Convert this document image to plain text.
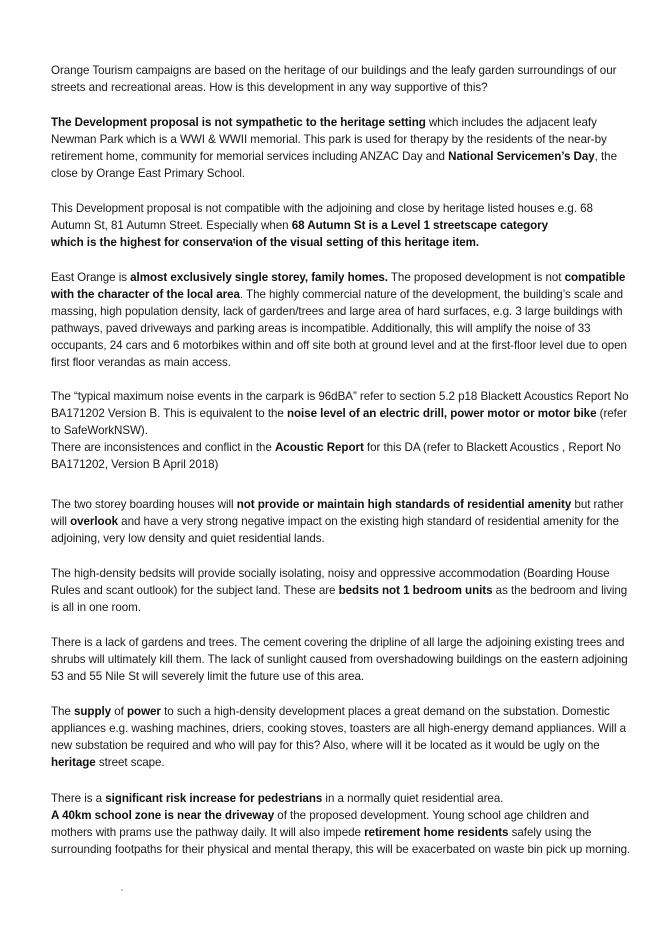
Orange Tourism campaigns are based on the heritage of our buildings and the leafy garden surroundings of our streets and recreational areas. How is this development in any way supportive of this?

The Development proposal is not sympathetic to the heritage setting which includes the adjacent leafy Newman Park which is a WWI & WWII memorial. This park is used for therapy by the residents of the near-by retirement home, community for memorial services including ANZAC Day and National Servicemen’s Day, the close by Orange East Primary School.

This Development proposal is not compatible with the adjoining and close by heritage listed houses e.g. 68 Autumn St, 81 Autumn Street. Especially when 68 Autumn St is a Level 1 streetscape category
which is the highest for conservaᵗion of the visual setting of this heritage item.

East Orange is almost exclusively single storey, family homes. The proposed development is not compatible with the character of the local area. The highly commercial nature of the development, the building’s scale and massing, high population density, lack of garden/trees and large area of hard surfaces, e.g. 3 large buildings with pathways, paved driveways and parking areas is incompatible. Additionally, this will amplify the noise of 33 occupants, 24 cars and 6 motorbikes within and off site both at ground level and at the first-floor level due to open first floor verandas as main access.

The “typical maximum noise events in the carpark is 96dBA” refer to section 5.2 p18 Blackett Acoustics Report No BA171202 Version B. This is equivalent to the noise level of an electric drill, power motor or motor bike (refer to SafeWorkNSW).
There are inconsistences and conflict in the Acoustic Report for this DA (refer to Blackett Acoustics , Report No BA171202, Version B April 2018)

The two storey boarding houses will not provide or maintain high standards of residential amenity but rather will overlook and have a very strong negative impact on the existing high standard of residential amenity for the adjoining, very low density and quiet residential lands.

The high-density bedsits will provide socially isolating, noisy and oppressive accommodation (Boarding House Rules and scant outlook) for the subject land. These are bedsits not 1 bedroom units as the bedroom and living is all in one room.

There is a lack of gardens and trees. The cement covering the dripline of all large the adjoining existing trees and shrubs will ultimately kill them. The lack of sunlight caused from overshadowing buildings on the eastern adjoining 53 and 55 Nile St will severely limit the future use of this area.

The supply of power to such a high-density development places a great demand on the substation. Domestic appliances e.g. washing machines, driers, cooking stoves, toasters are all high-energy demand appliances. Will a new substation be required and who will pay for this? Also, where will it be located as it would be ugly on the heritage street scape.

There is a significant risk increase for pedestrians in a normally quiet residential area.
A 40km school zone is near the driveway of the proposed development. Young school age children and mothers with prams use the pathway daily. It will also impede retirement home residents safely using the surrounding footpaths for their physical and mental therapy, this will be exacerbated on waste bin pick up morning.
